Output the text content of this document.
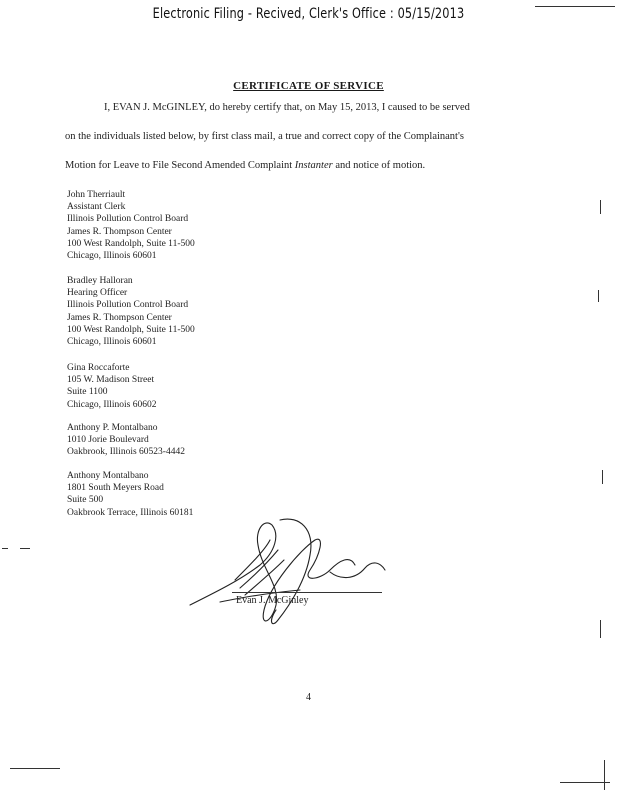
Electronic Filing - Recived, Clerk's Office : 05/15/2013
CERTIFICATE OF SERVICE
I, EVAN J. McGINLEY, do hereby certify that, on May 15, 2013, I caused to be served
on the individuals listed below, by first class mail, a true and correct copy of the Complainant's
Motion for Leave to File Second Amended Complaint Instanter and notice of motion.
John Therriault
Assistant Clerk
Illinois Pollution Control Board
James R. Thompson Center
100 West Randolph, Suite 11-500
Chicago, Illinois 60601
Bradley Halloran
Hearing Officer
Illinois Pollution Control Board
James R. Thompson Center
100 West Randolph, Suite 11-500
Chicago, Illinois 60601
Gina Roccaforte
105 W. Madison Street
Suite 1100
Chicago, Illinois 60602
Anthony P. Montalbano
1010 Jorie Boulevard
Oakbrook, Illinois 60523-4442
Anthony Montalbano
1801 South Meyers Road
Suite 500
Oakbrook Terrace, Illinois 60181
Evan J. McGinley
4
